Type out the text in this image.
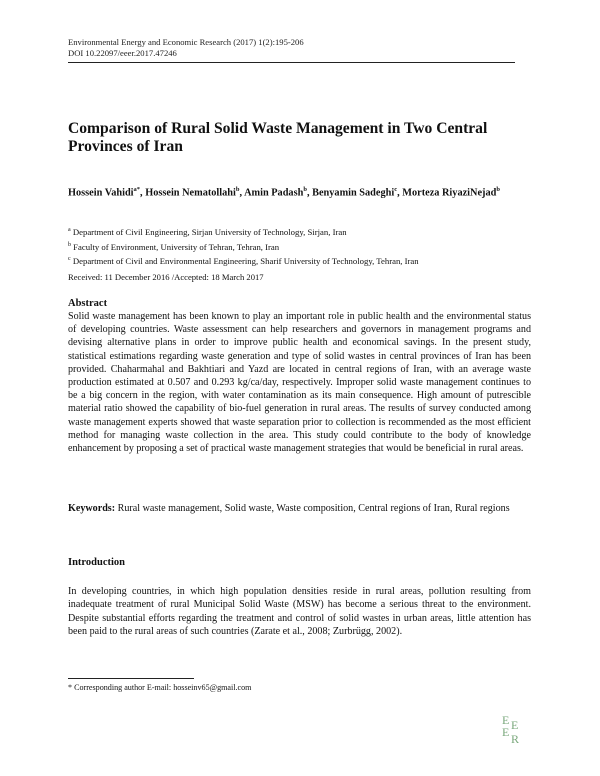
Environmental Energy and Economic Research (2017) 1(2):195-206
DOI 10.22097/eeer.2017.47246
Comparison of Rural Solid Waste Management in Two Central Provinces of Iran
Hossein Vahidi$^{a*}$, Hossein Nematollahi$^b$, Amin Padash$^b$, Benyamin Sadeghi$^c$, Morteza RiyaziNejad$^b$
$^a$ Department of Civil Engineering, Sirjan University of Technology, Sirjan, Iran
$^b$ Faculty of Environment, University of Tehran, Tehran, Iran
$^c$ Department of Civil and Environmental Engineering, Sharif University of Technology, Tehran, Iran
Received: 11 December 2016 /Accepted: 18 March 2017
Abstract
Solid waste management has been known to play an important role in public health and the environmental status of developing countries. Waste assessment can help researchers and governors in management programs and devising alternative plans in order to improve public health and economical savings. In the present study, statistical estimations regarding waste generation and type of solid wastes in central provinces of Iran has been provided. Chaharmahal and Bakhtiari and Yazd are located in central regions of Iran, with an average waste production estimated at 0.507 and 0.293 kg/ca/day, respectively. Improper solid waste management continues to be a big concern in the region, with water contamination as its main consequence. High amount of putrescible material ratio showed the capability of bio-fuel generation in rural areas. The results of survey conducted among waste management experts showed that waste separation prior to collection is recommended as the most efficient method for managing waste collection in the area. This study could contribute to the body of knowledge enhancement by proposing a set of practical waste management strategies that would be beneficial in rural areas.
Keywords: Rural waste management, Solid waste, Waste composition, Central regions of Iran, Rural regions
Introduction
In developing countries, in which high population densities reside in rural areas, pollution resulting from inadequate treatment of rural Municipal Solid Waste (MSW) has become a serious threat to the environment. Despite substantial efforts regarding the treatment and control of solid wastes in urban areas, little attention has been paid to the rural areas of such countries (Zarate et al., 2008; Zurbrügg, 2002).
* Corresponding author E-mail: hosseinv65@gmail.com
E E
E R
